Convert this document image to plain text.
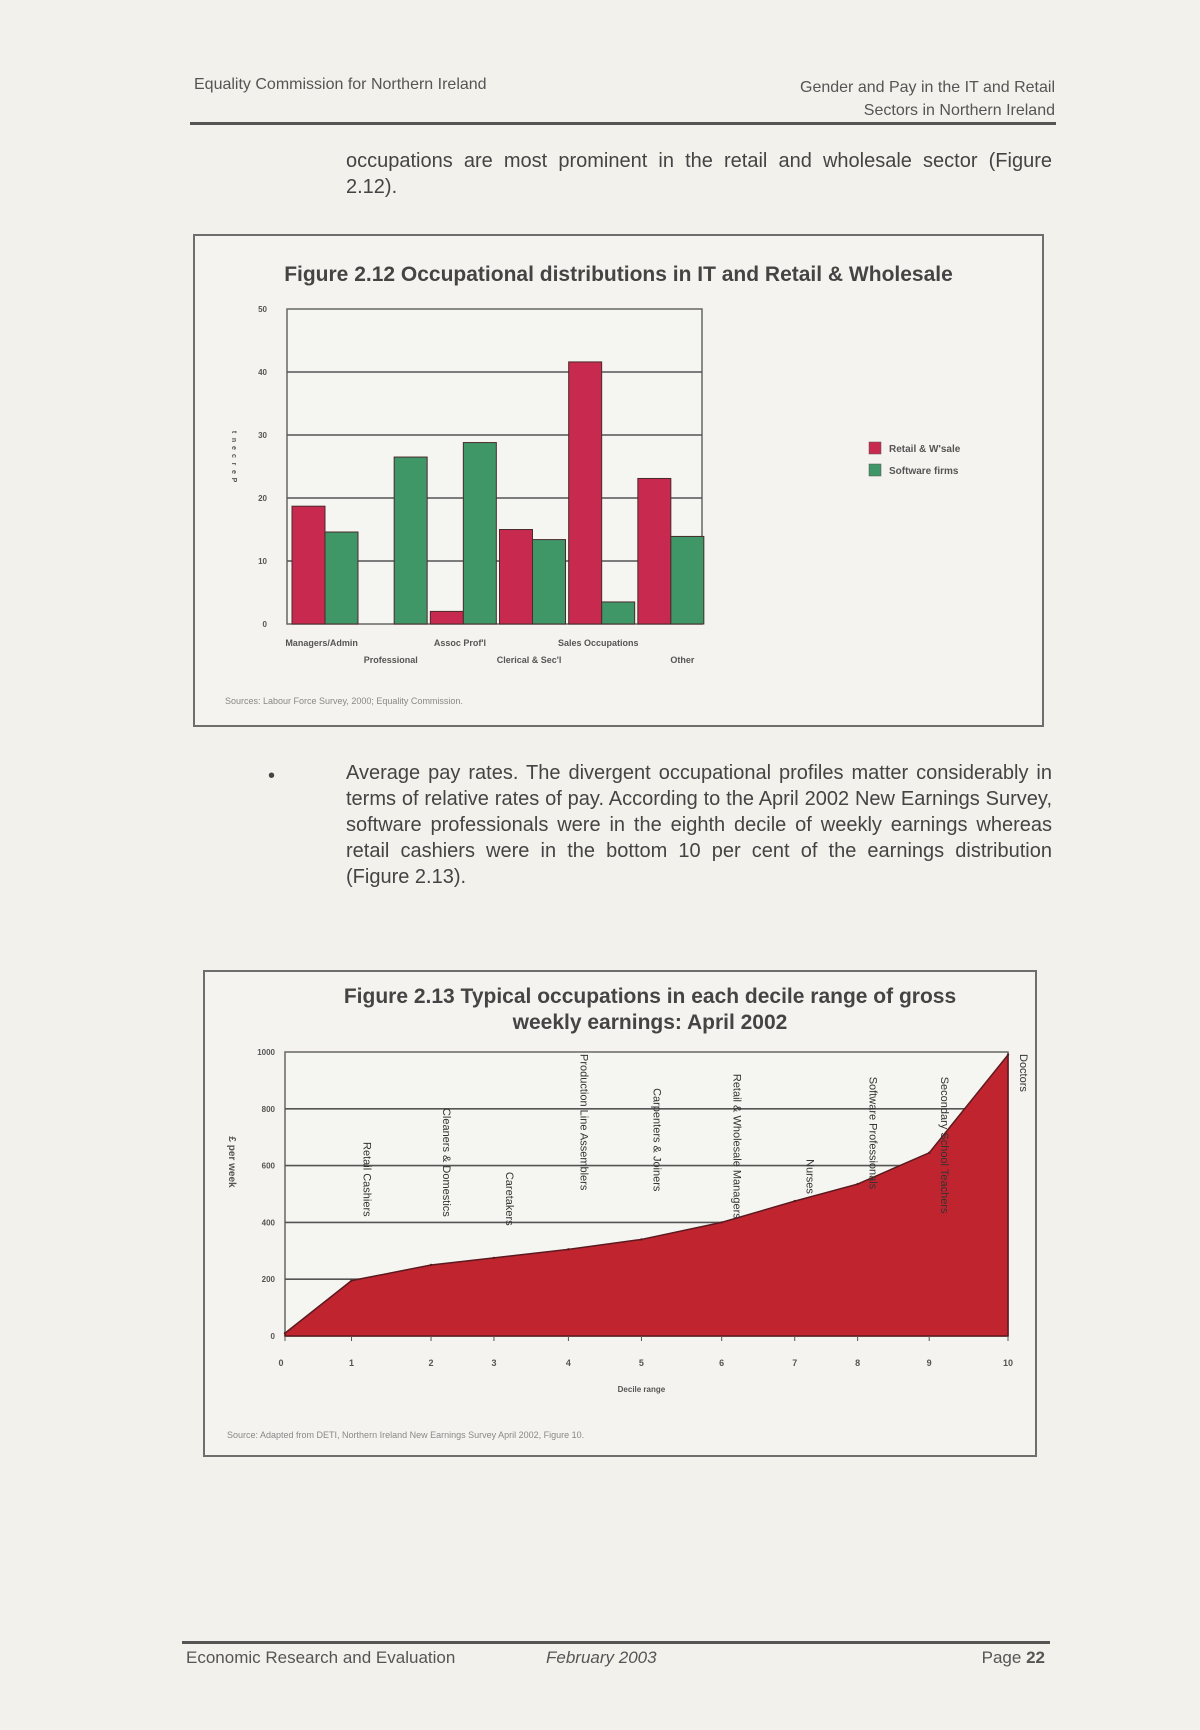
Equality Commission for Northern Ireland	Gender and Pay in the IT and Retail
Sectors in Northern Ireland
occupations are most prominent in the retail and wholesale sector (Figure 2.12).
Figure 2.12 Occupational distributions in IT and Retail & Wholesale
0
10
20
30
40
50
t
n
e
c
r
e
P
Managers/Admin
Professional
Assoc Prof'l
Clerical & Sec'l
Sales Occupations
Other
Retail & W'sale
Software firms
Sources: Labour Force Survey, 2000; Equality Commission.
•	Average pay rates. The divergent occupational profiles matter considerably in terms of relative rates of pay. According to the April 2002 New Earnings Survey, software professionals were in the eighth decile of weekly earnings whereas retail cashiers were in the bottom 10 per cent of the earnings distribution (Figure 2.13).
Figure 2.13 Typical occupations in each decile range of gross
weekly earnings: April 2002
0
200
400
600
800
1000
0	1	2	3	4	5	6	7	8	9	10
Decile range
£ per week	Retail Cashiers	Cleaners & Domestics	Caretakers
Production Line Assemblers	Carpenters & Joiners	Retail & Wholesale Managers	Nurses	Software Professionals	Secondary School Teachers
Doctors
Source: Adapted from DETI, Northern Ireland New Earnings Survey April 2002, Figure 10.
Economic Research and Evaluation	February 2003	Page 22
